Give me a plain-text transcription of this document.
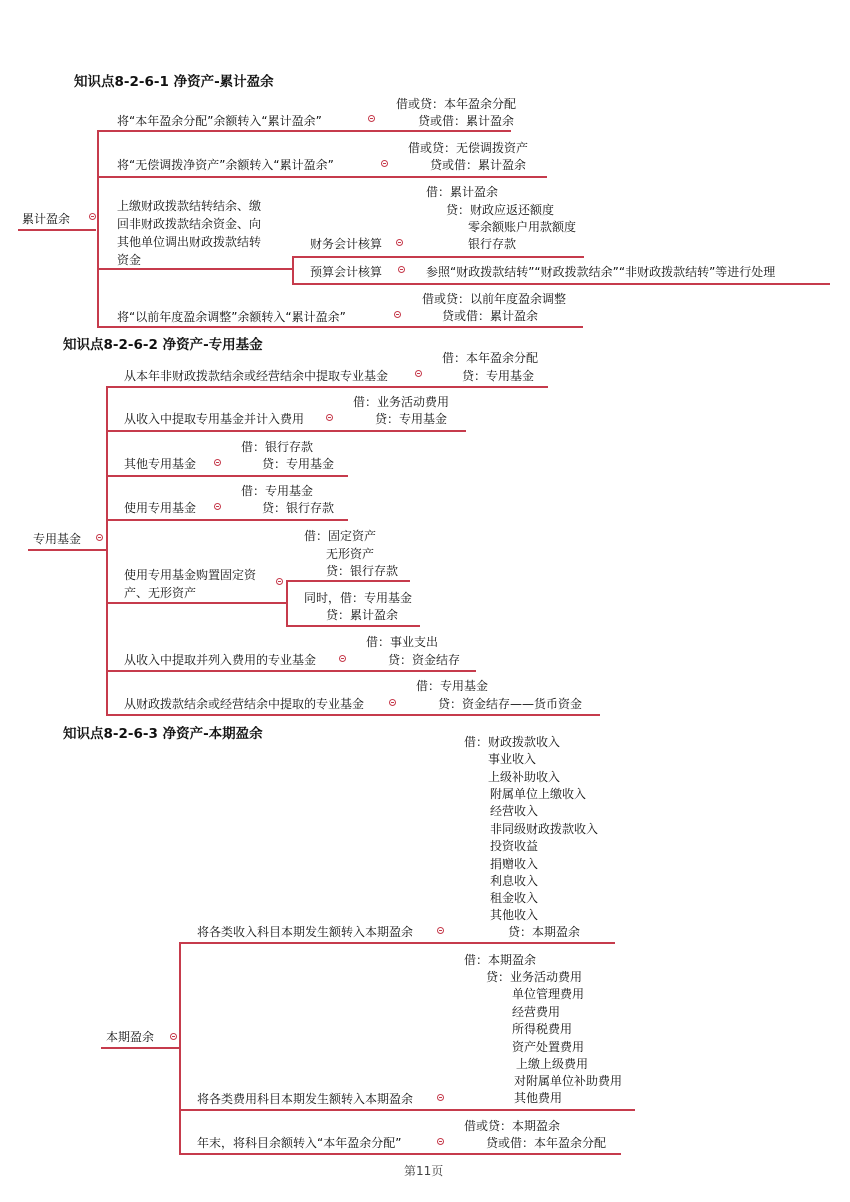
知识点8-2-6-1 净资产-累计盈余
累计盈余
将“本年盈余分配”余额转入“累计盈余”
借或贷：本年盈余分配
贷或借：累计盈余
将“无偿调拨净资产”余额转入“累计盈余”
借或贷：无偿调拨资产
贷或借：累计盈余
上缴财政拨款结转结余、缴
回非财政拨款结余资金、向
其他单位调出财政拨款结转
资金
财务会计核算
借：累计盈余
贷：财政应返还额度
零余额账户用款额度
银行存款
预算会计核算	参照“财政拨款结转”“财政拨款结余”“非财政拨款结转”等进行处理
将“以前年度盈余调整”余额转入“累计盈余”
借或贷：以前年度盈余调整
贷或借：累计盈余
知识点8-2-6-2 净资产-专用基金
专用基金
从本年非财政拨款结余或经营结余中提取专业基金
借：本年盈余分配
贷：专用基金
从收入中提取专用基金并计入费用
借：业务活动费用
贷：专用基金
其他专用基金
借：银行存款
贷：专用基金
使用专用基金
借：专用基金
贷：银行存款
使用专用基金购置固定资
产、无形资产
借：固定资产
无形资产
贷：银行存款
同时，借：专用基金
贷：累计盈余
从收入中提取并列入费用的专业基金
借：事业支出
贷：资金结存
从财政拨款结余或经营结余中提取的专业基金
借：专用基金
贷：资金结存——货币资金
知识点8-2-6-3 净资产-本期盈余
本期盈余
将各类收入科目本期发生额转入本期盈余
借：财政拨款收入
事业收入
上级补助收入
附属单位上缴收入
经营收入
非同级财政拨款收入
投资收益
捐赠收入
利息收入
租金收入
其他收入
贷：本期盈余
将各类费用科目本期发生额转入本期盈余
借：本期盈余
贷：业务活动费用
单位管理费用
经营费用
所得税费用
资产处置费用
上缴上级费用
对附属单位补助费用
其他费用
年末，将科目余额转入“本年盈余分配”
借或贷：本期盈余
贷或借：本年盈余分配
第11页
